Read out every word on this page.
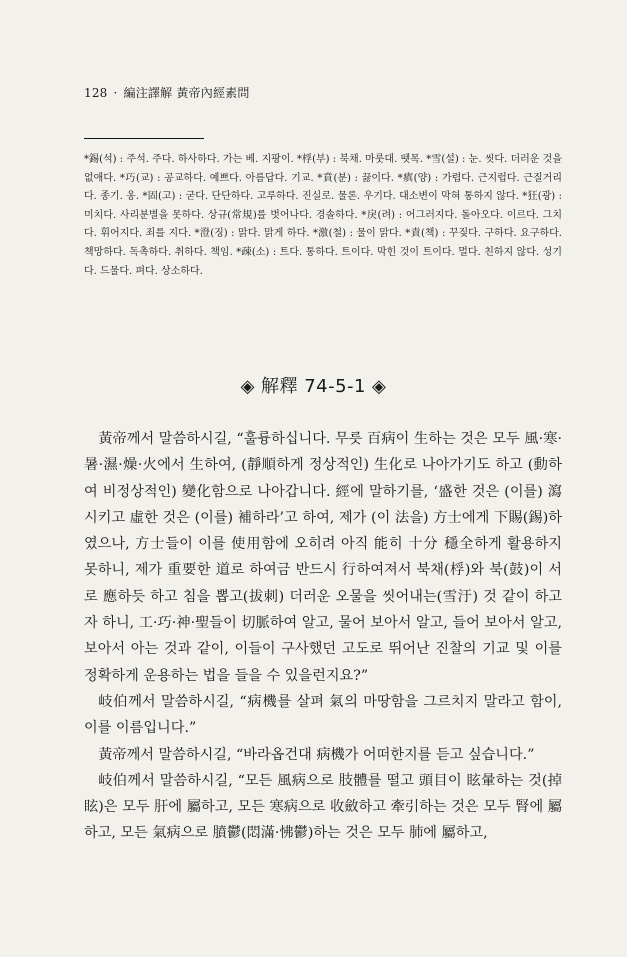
128 · 編注譯解 黃帝內經素問

*錫(석) : 주석. 주다. 하사하다. 가는 베. 지팡이. *桴(부) : 북채. 마룻대. 뗏목. *雪(설) : 눈. 씻다. 더러운 것을 없애다. *巧(교) : 공교하다. 예쁘다. 아름답다. 기교. *賁(분) : 끓이다. *瘨(양) : 가렵다. 근지럽다. 근질거리다. 종기. 옹. *固(고) : 굳다. 단단하다. 고루하다. 진실로. 물론. 우기다. 대소변이 막혀 통하지 않다. *狂(광) : 미치다. 사리분별을 못하다. 상규(常規)를 벗어나다. 경솔하다. *戾(려) : 어그러지다. 돌아오다. 이르다. 그치다. 휘어지다. 죄를 지다. *澄(징) : 맑다. 맑게 하다. *激(철) : 물이 맑다. *責(책) : 꾸짖다. 구하다. 요구하다. 책망하다. 독촉하다. 취하다. 책임. *疎(소) : 트다. 통하다. 트이다. 막힌 것이 트이다. 멀다. 친하지 않다. 성기다. 드물다. 펴다. 상소하다.

◈ 解釋 74-5-1 ◈

黃帝께서 말씀하시길, “훌륭하십니다. 무릇 百病이 生하는 것은 모두 風·寒·暑·濕·燥·火에서 生하여, (靜順하게 정상적인) 生化로 나아가기도 하고 (動하여 비정상적인) 變化함으로 나아갑니다. 經에 말하기를, ‘盛한 것은 (이를) 瀉시키고 虛한 것은 (이를) 補하라’고 하여, 제가 (이 法을) 方士에게 下賜(錫)하였으나, 方士들이 이를 使用함에 오히려 아직 能히 十分 穩全하게 활용하지 못하니, 제가 重要한 道로 하여금 반드시 行하여져서 북채(桴)와 북(鼓)이 서로 應하듯 하고 침을 뽑고(拔刺) 더러운 오물을 씻어내는(雪汙) 것 같이 하고자 하니, 工·巧·神·聖들이 切脈하여 알고, 물어 보아서 알고, 들어 보아서 알고, 보아서 아는 것과 같이, 이들이 구사했던 고도로 뛰어난 진찰의 기교 및 이를 정확하게 운용하는 법을 들을 수 있을런지요?”

岐伯께서 말씀하시길, “病機를 살펴 氣의 마땅함을 그르치지 말라고 함이, 이를 이름입니다.”

黃帝께서 말씀하시길, “바라옵건대 病機가 어떠한지를 듣고 싶습니다.”

岐伯께서 말씀하시길, “모든 風病으로 肢體를 떨고 頭目이 眩暈하는 것(掉眩)은 모두 肝에 屬하고, 모든 寒病으로 收斂하고 牽引하는 것은 모두 腎에 屬하고, 모든 氣病으로 膹鬱(悶滿·怫鬱)하는 것은 모두 肺에 屬하고,
